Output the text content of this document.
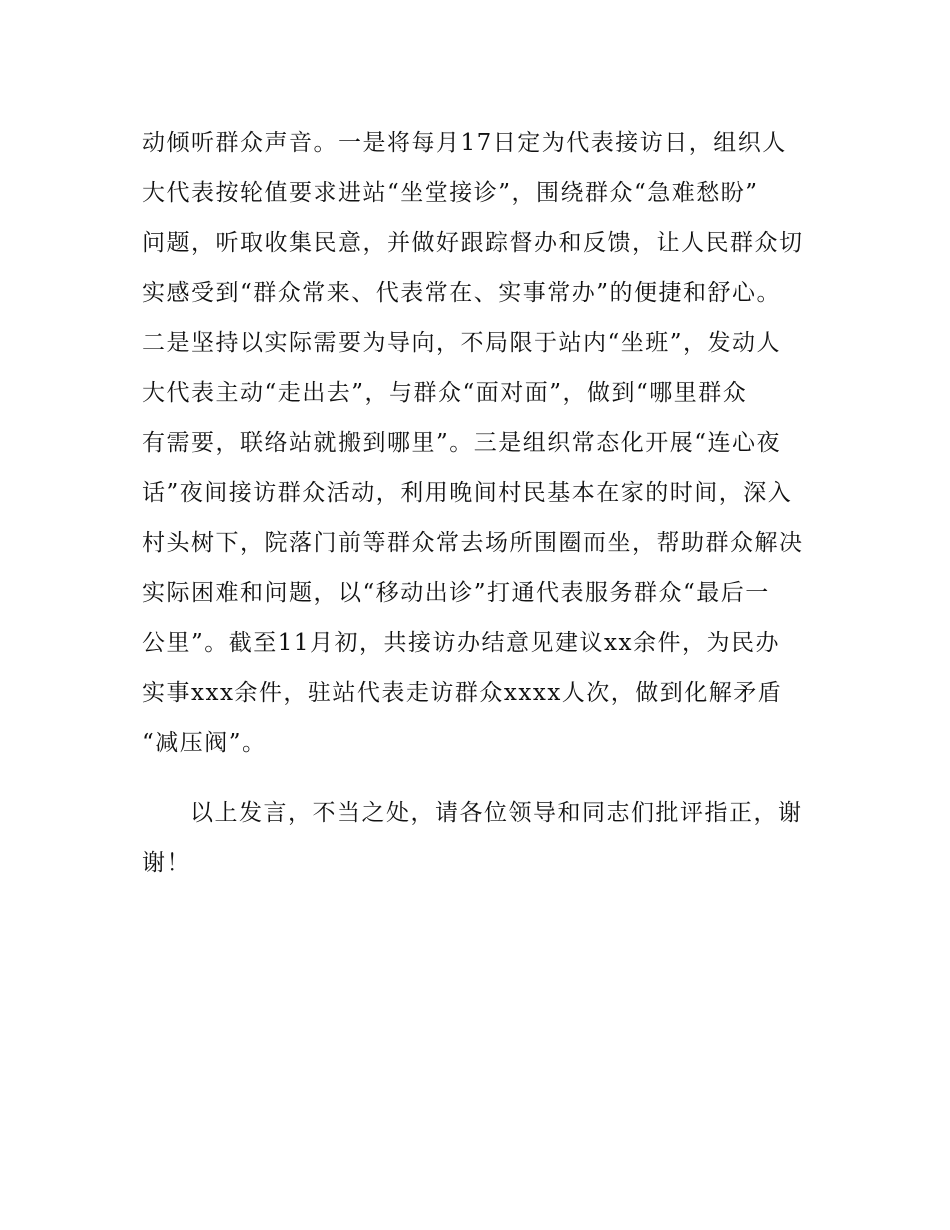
动倾听群众声音。一是将每月17日定为代表接访日，组织人
大代表按轮值要求进站“坐堂接诊”，围绕群众“急难愁盼”
问题，听取收集民意，并做好跟踪督办和反馈，让人民群众切
实感受到“群众常来、代表常在、实事常办”的便捷和舒心。
二是坚持以实际需要为导向，不局限于站内“坐班”，发动人
大代表主动“走出去”，与群众“面对面”，做到“哪里群众
有需要，联络站就搬到哪里”。三是组织常态化开展“连心夜
话”夜间接访群众活动，利用晚间村民基本在家的时间，深入
村头树下，院落门前等群众常去场所围圈而坐，帮助群众解决
实际困难和问题，以“移动出诊”打通代表服务群众“最后一
公里”。截至11月初，共接访办结意见建议xx余件，为民办
实事xxx余件，驻站代表走访群众xxxx人次，做到化解矛盾
“减压阀”。
以上发言，不当之处，请各位领导和同志们批评指正，谢
谢！
